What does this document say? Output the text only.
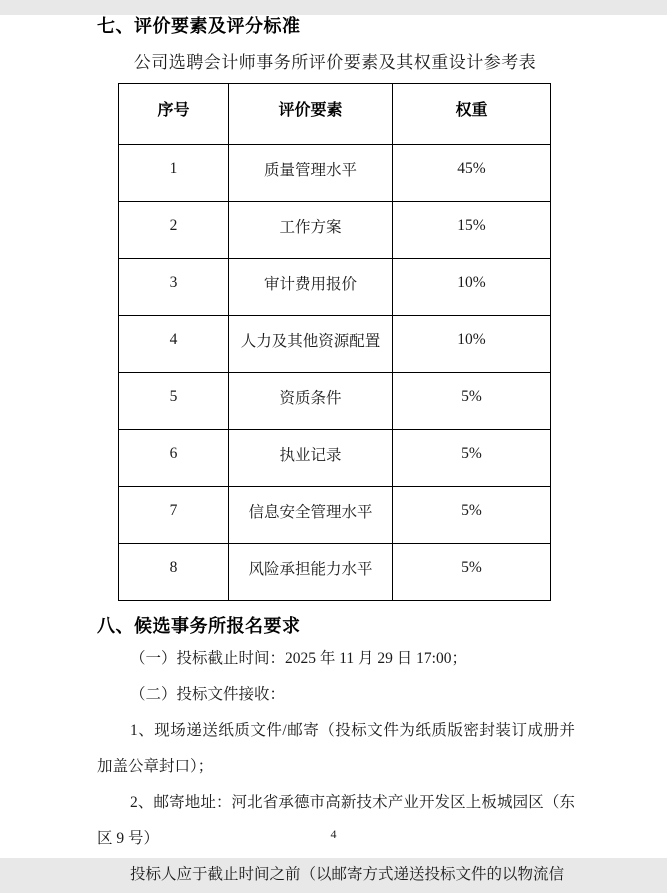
七、评价要素及评分标准
公司选聘会计师事务所评价要素及其权重设计参考表
序号	评价要素	权重
1	质量管理水平	45%
2	工作方案	15%
3	审计费用报价	10%
4	人力及其他资源配置	10%
5	资质条件	5%
6	执业记录	5%
7	信息安全管理水平	5%
8	风险承担能力水平	5%
八、候选事务所报名要求

（一）投标截止时间：2025 年 11 月 29 日 17:00；

（二）投标文件接收：

1、现场递送纸质文件/邮寄（投标文件为纸质版密封装订成册并加盖公章封口）；

2、邮寄地址：河北省承德市高新技术产业开发区上板城园区（东区 9 号）

投标人应于截止时间之前（以邮寄方式递送投标文件的以物流信

4
